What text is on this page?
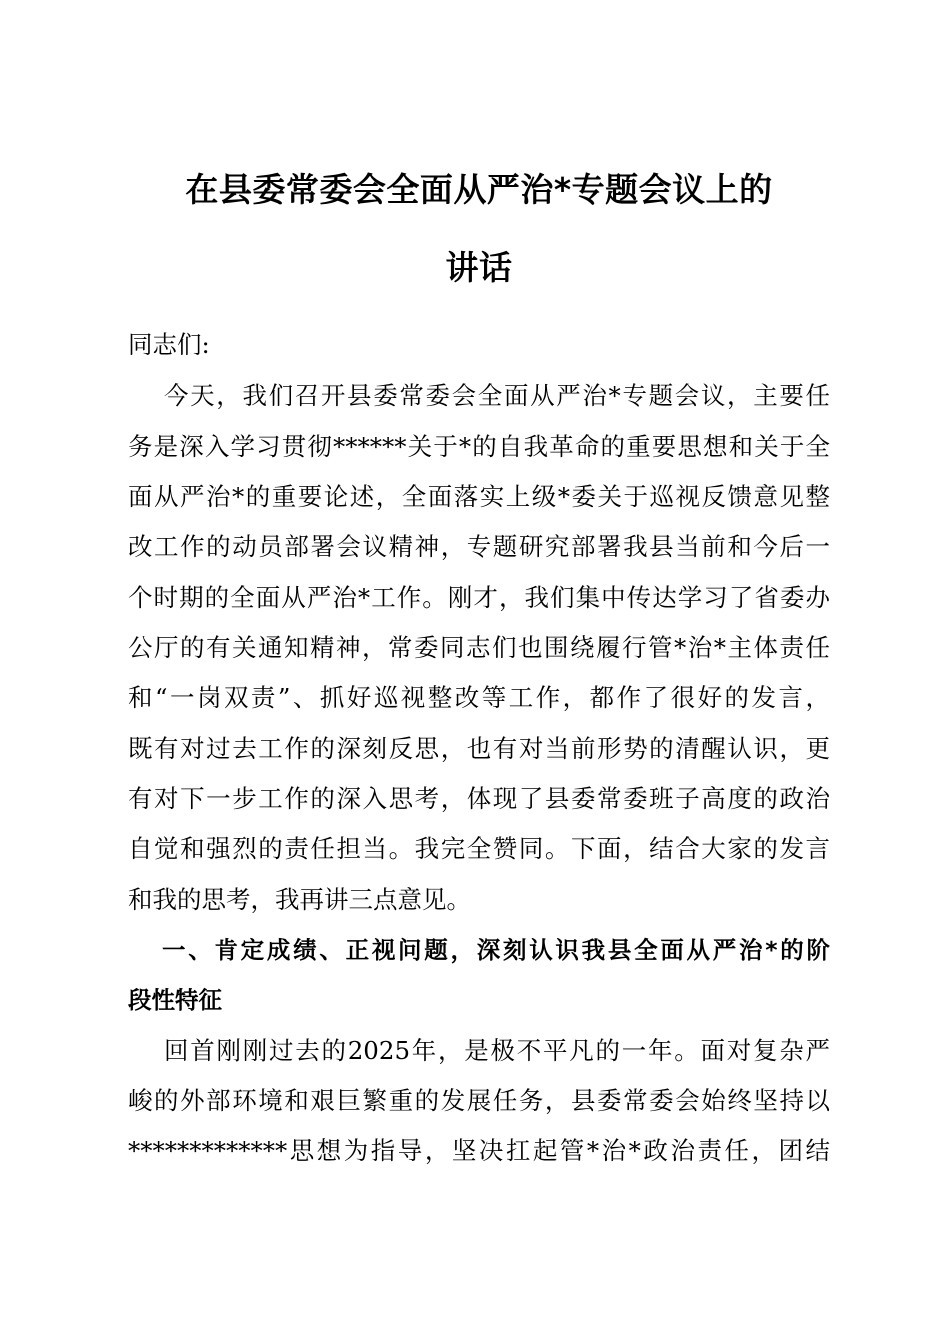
在县委常委会全面从严治*专题会议上的
讲话
同志们:
今天，我们召开县委常委会全面从严治*专题会议，主要任
务是深入学习贯彻******关于*的自我革命的重要思想和关于全
面从严治*的重要论述，全面落实上级*委关于巡视反馈意见整
改工作的动员部署会议精神，专题研究部署我县当前和今后一
个时期的全面从严治*工作。刚才，我们集中传达学习了省委办
公厅的有关通知精神，常委同志们也围绕履行管*治*主体责任
和“一岗双责”、抓好巡视整改等工作，都作了很好的发言，
既有对过去工作的深刻反思，也有对当前形势的清醒认识，更
有对下一步工作的深入思考，体现了县委常委班子高度的政治
自觉和强烈的责任担当。我完全赞同。下面，结合大家的发言
和我的思考，我再讲三点意见。
一、肯定成绩、正视问题，深刻认识我县全面从严治*的阶
段性特征
回首刚刚过去的2025年，是极不平凡的一年。面对复杂严
峻的外部环境和艰巨繁重的发展任务，县委常委会始终坚持以
*************思想为指导，坚决扛起管*治*政治责任，团结
